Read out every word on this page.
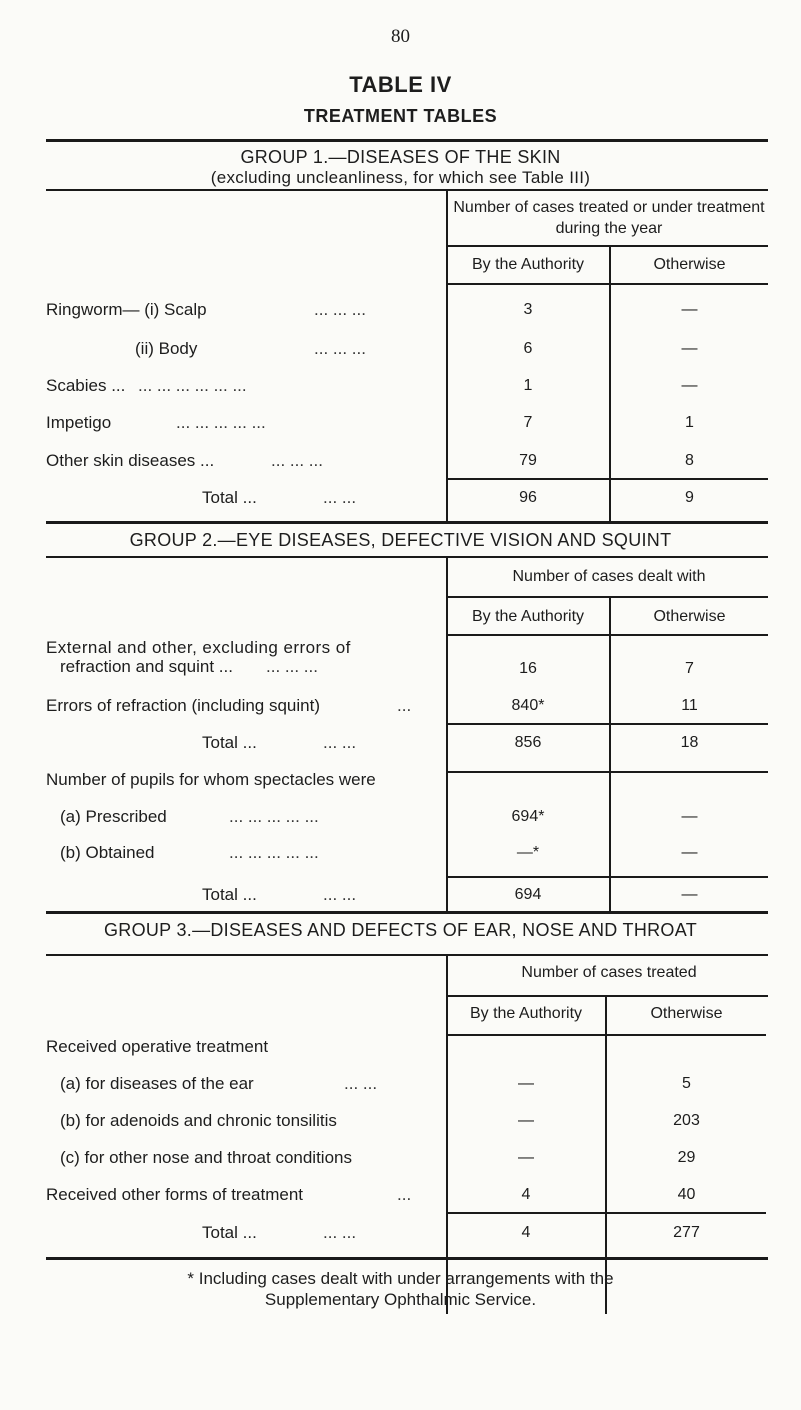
80
TABLE IV
TREATMENT TABLES
GROUP 1.—DISEASES OF THE SKIN
(excluding uncleanliness, for which see Table III)
Number of cases treated or under treatment during the year
By the Authority	Otherwise
Ringworm— (i) Scalp	... ... ...	3	—
(ii) Body	... ... ...	6	—
Scabies ... ... ... ... ... ... ...	1	—
Impetigo	... ... ... ... ...	7	1
Other skin diseases ...	... ... ...	79	8
Total ...	... ...	96	9
GROUP 2.—EYE DISEASES, DEFECTIVE VISION AND SQUINT
Number of cases dealt with
By the Authority	Otherwise
External and other, excluding errors of
refraction and squint ... ... ... ...	16	7
Errors of refraction (including squint)	...	840*	11
Total ...	... ...	856	18
Number of pupils for whom spectacles were
(a) Prescribed	... ... ... ... ...	694*	—
(b) Obtained	... ... ... ... ...	—*	—
Total ...	... ...	694	—
GROUP 3.—DISEASES AND DEFECTS OF EAR, NOSE AND THROAT
Number of cases treated
By the Authority	Otherwise
Received operative treatment
(a) for diseases of the ear	... ...	—	5
(b) for adenoids and chronic tonsilitis	—	203
(c) for other nose and throat conditions	—	29
Received other forms of treatment	...	4	40
Total ...	... ...	4	277
* Including cases dealt with under arrangements with the
Supplementary Ophthalmic Service.
